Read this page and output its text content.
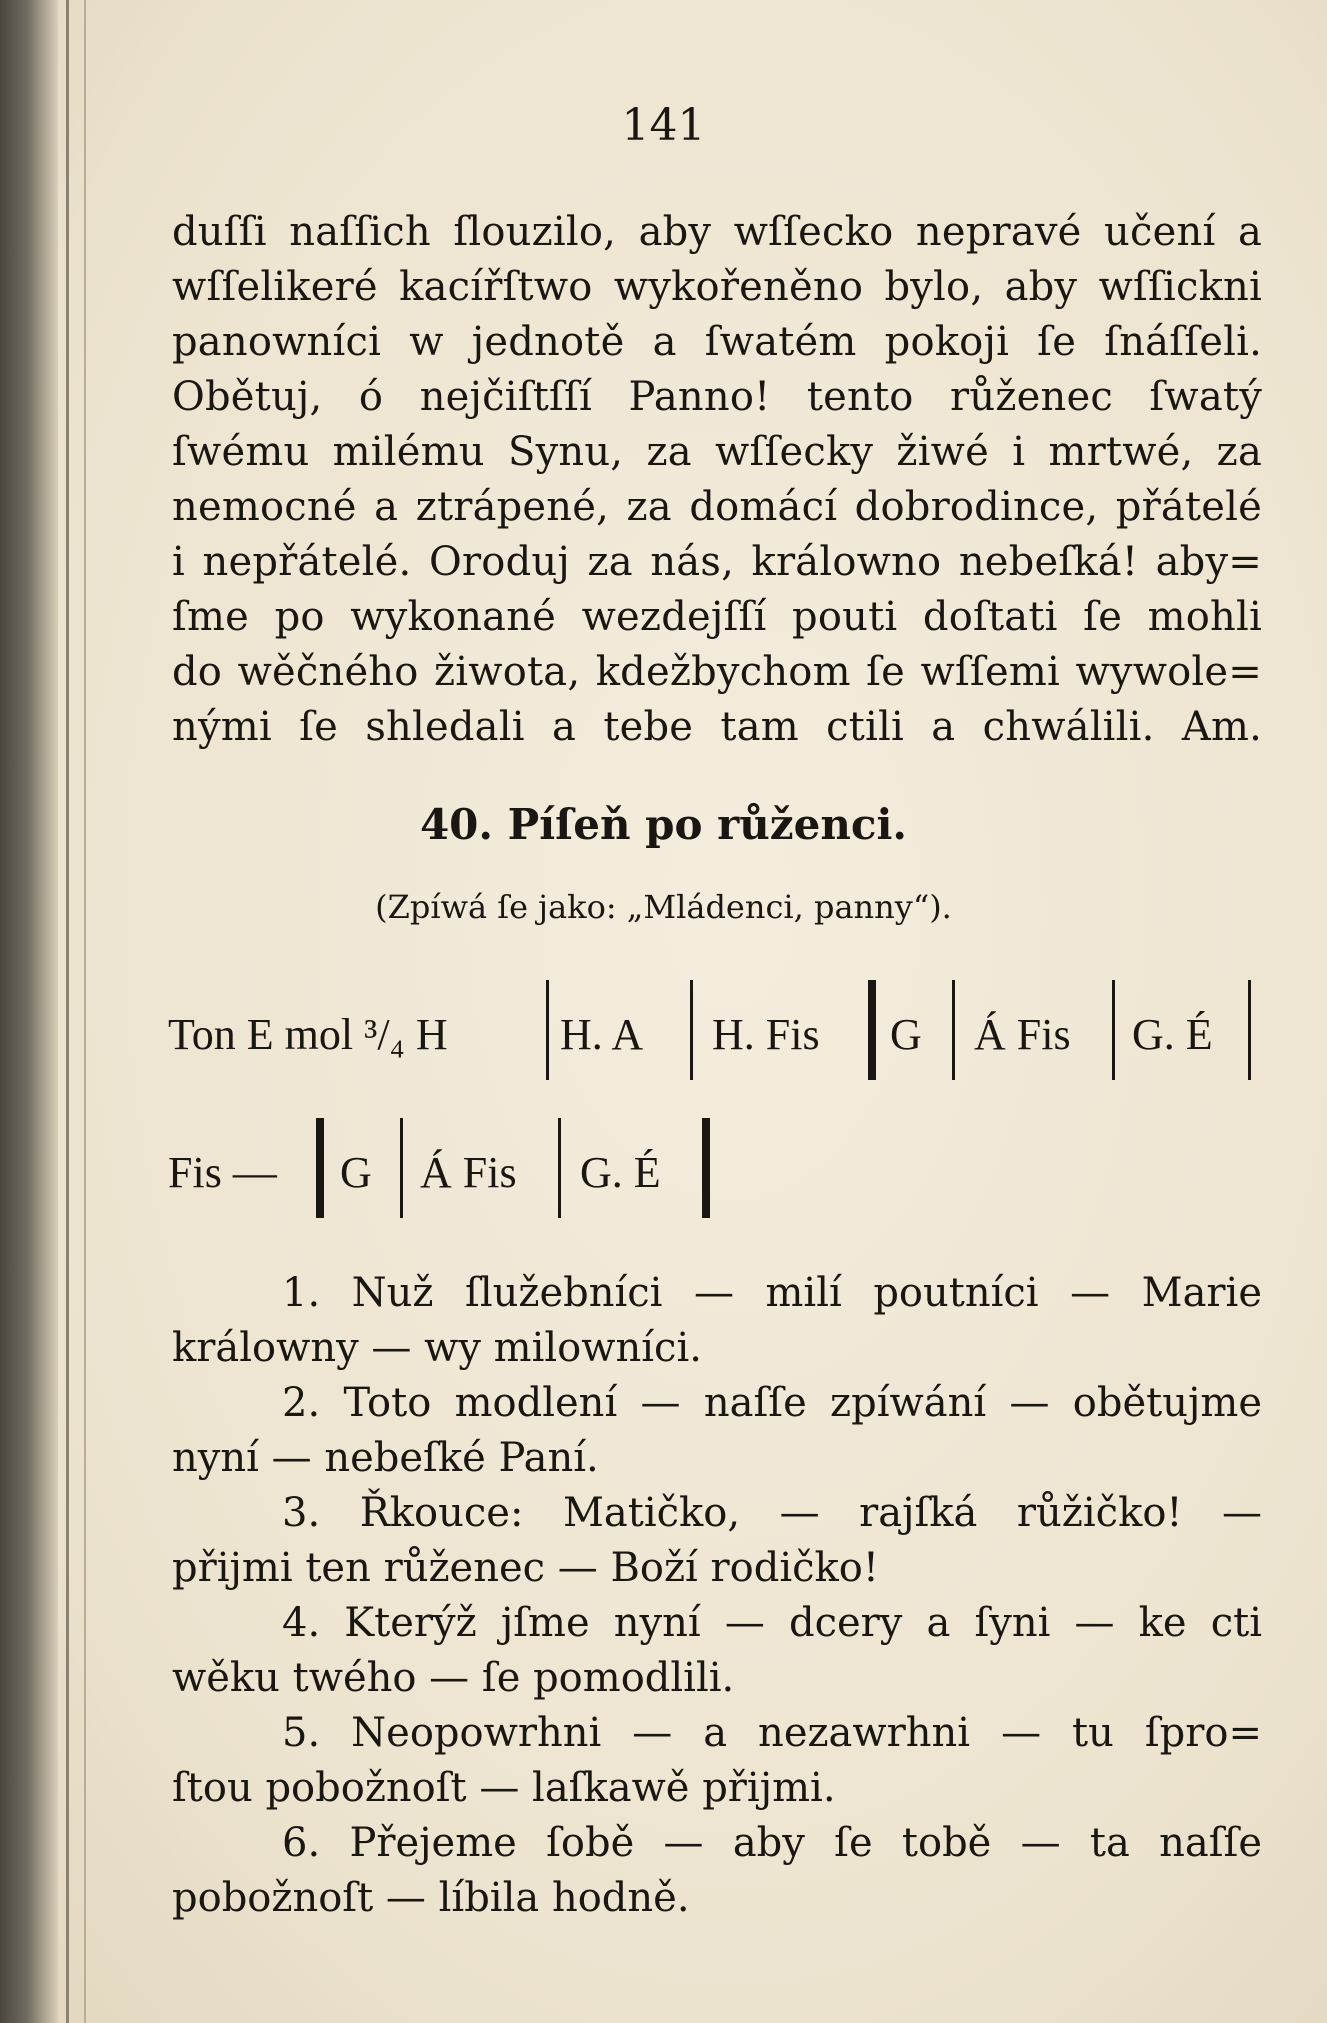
141
duſſi naſſich ſlouzilo, aby wſſecko nepravé učení a
wſſelikeré kacířſtwo wykořeněno bylo, aby wſſickni
panowníci w jednotě a ſwatém pokoji ſe ſnáſſeli.
Obětuj, ó nejčiſtſſí Panno! tento růženec ſwatý
ſwému milému Synu, za wſſecky žiwé i mrtwé, za
nemocné a ztrápené, za domácí dobrodince, přátelé
i nepřátelé. Oroduj za nás, králowno nebeſká! aby=
ſme po wykonané wezdejſſí pouti doſtati ſe mohli
do wěčného žiwota, kdežbychom ſe wſſemi wywole=
nými ſe shledali a tebe tam ctili a chwálili. Am.
40. Píſeň po růženci.
(Zpíwá ſe jako: „Mládenci, panny“).
Ton E mol ³/₄ H	H. A H. Fis G Á Fis G. É
Fis — G Á Fis G. É
1. Nuž ſlužebníci — milí poutníci — Marie
králowny — wy milowníci.
2. Toto modlení — naſſe zpíwání — obětujme
nyní — nebeſké Paní.
3. Řkouce: Matičko, — rajſká růžičko! —
přijmi ten růženec — Boží rodičko!
4. Kterýž jſme nyní — dcery a ſyni — ke cti
wěku twého — ſe pomodlili.
5. Neopowrhni — a nezawrhni — tu ſpro=
ſtou pobožnoſt — laſkawě přijmi.
6. Přejeme ſobě — aby ſe tobě — ta naſſe
pobožnoſt — líbila hodně.
